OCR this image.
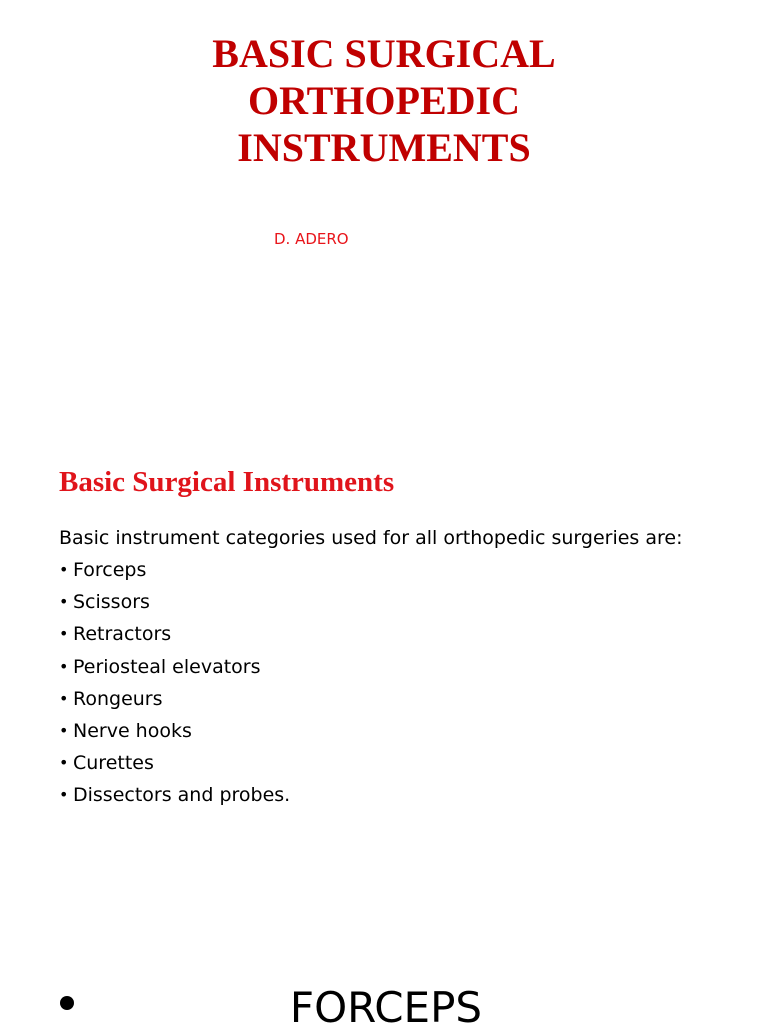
BASIC SURGICAL
ORTHOPEDIC
INSTRUMENTS
D. ADERO
Basic Surgical Instruments
Basic instrument categories used for all orthopedic surgeries are:
• Forceps
• Scissors
• Retractors
• Periosteal elevators
• Rongeurs
• Nerve hooks
• Curettes
• Dissectors and probes.
FORCEPS
